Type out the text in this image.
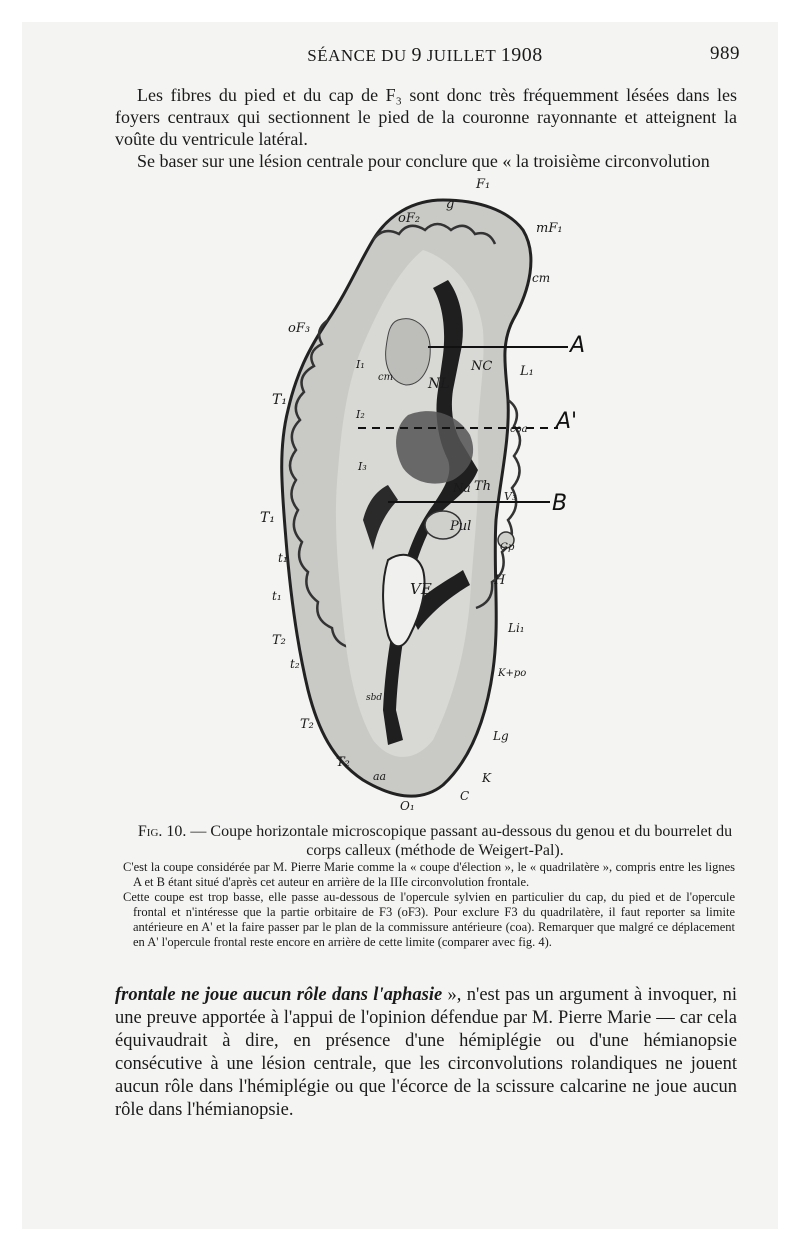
SÉANCE DU 9 JUILLET 1908	989

Les fibres du pied et du cap de F₃ sont donc très fréquemment lésées dans les foyers centraux qui sectionnent le pied de la couronne rayonnante et atteignent la voûte du ventricule latéral.

Se baser sur une lésion centrale pour conclure que « la troisième circonvolution

F₁
g
oF₂
mF₁
cm
oF₃
A
A'
B
L₁
NL
NC
I₁
I₂
I₃
cm
T₁
T₁
t₁
t₁
T₂
t₂
T₂
T₂
coa
Na Th
V₃
Pul
Gp
VE	H
Li₁
K+po
sbd
Lg
K
C
aa
O₁
Fig. 10. — Coupe horizontale microscopique passant au-dessous du genou et du bourrelet du corps calleux (méthode de Weigert-Pal).

C'est la coupe considérée par M. Pierre Marie comme la « coupe d'élection », le « quadrilatère », compris entre les lignes A et B étant situé d'après cet auteur en arrière de la IIIe circonvolution frontale.

Cette coupe est trop basse, elle passe au-dessous de l'opercule sylvien en particulier du cap, du pied et de l'opercule frontal et n'intéresse que la partie orbitaire de F3 (oF3). Pour exclure F3 du quadrilatère, il faut reporter sa limite antérieure en A' et la faire passer par le plan de la commissure antérieure (coa). Remarquer que malgré ce déplacement en A' l'opercule frontal reste encore en arrière de cette limite (comparer avec fig. 4).

frontale ne joue aucun rôle dans l'aphasie », n'est pas un argument à invoquer, ni une preuve apportée à l'appui de l'opinion défendue par M. Pierre Marie — car cela équivaudrait à dire, en présence d'une hémiplégie ou d'une hémianopsie consécutive à une lésion centrale, que les circonvolutions rolandiques ne jouent aucun rôle dans l'hémiplégie ou que l'écorce de la scissure calcarine ne joue aucun rôle dans l'hémianopsie.
